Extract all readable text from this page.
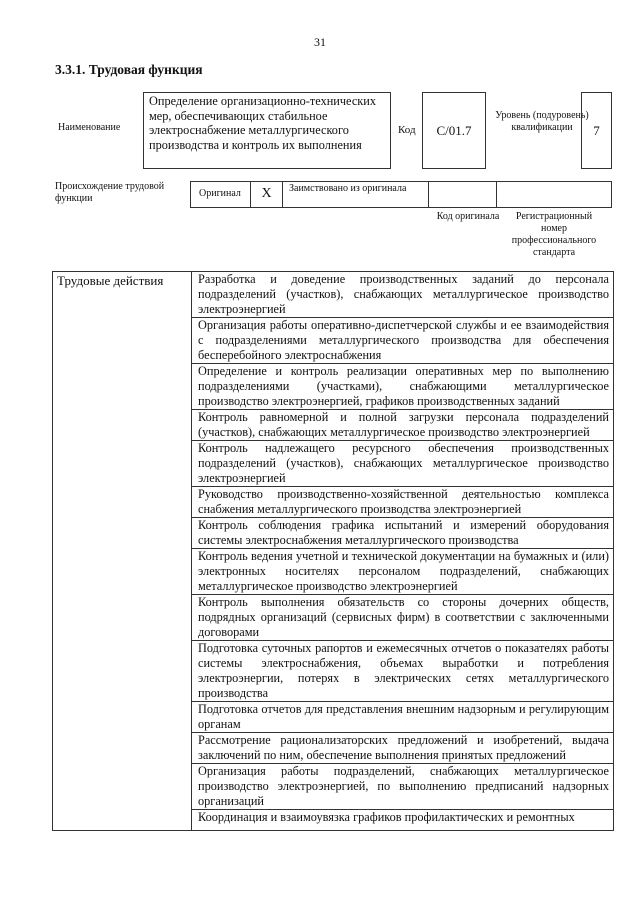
31
3.3.1. Трудовая функция
Наименование
Определение организационно-технических мер, обеспечивающих стабильное электроснабжение металлургического производства и контроль их выполнения
Код	C/01.7
Уровень (подуровень) квалификации	7
Происхождение трудовой функции	Оригинал	X	Заимствовано из оригинала
Код оригинала	Регистрационный номер профессионального стандарта
Трудовые действия	Разработка и доведение производственных заданий до персонала подразделений (участков), снабжающих металлургическое производство электроэнергией
Организация работы оперативно-диспетчерской службы и ее взаимодействия с подразделениями металлургического производства для обеспечения бесперебойного электроснабжения
Определение и контроль реализации оперативных мер по выполнению подразделениями (участками), снабжающими металлургическое производство электроэнергией, графиков производственных заданий
Контроль равномерной и полной загрузки персонала подразделений (участков), снабжающих металлургическое производство электроэнергией
Контроль надлежащего ресурсного обеспечения производственных подразделений (участков), снабжающих металлургическое производство электроэнергией
Руководство производственно-хозяйственной деятельностью комплекса снабжения металлургического производства электроэнергией
Контроль соблюдения графика испытаний и измерений оборудования системы электроснабжения металлургического производства
Контроль ведения учетной и технической документации на бумажных и (или) электронных носителях персоналом подразделений, снабжающих металлургическое производство электроэнергией
Контроль выполнения обязательств со стороны дочерних обществ, подрядных организаций (сервисных фирм) в соответствии с заключенными договорами
Подготовка суточных рапортов и ежемесячных отчетов о показателях работы системы электроснабжения, объемах выработки и потребления электроэнергии, потерях в электрических сетях металлургического производства
Подготовка отчетов для представления внешним надзорным и регулирующим органам
Рассмотрение рационализаторских предложений и изобретений, выдача заключений по ним, обеспечение выполнения принятых предложений
Организация работы подразделений, снабжающих металлургическое производство электроэнергией, по выполнению предписаний надзорных организаций
Координация и взаимоувязка графиков профилактических и ремонтных
